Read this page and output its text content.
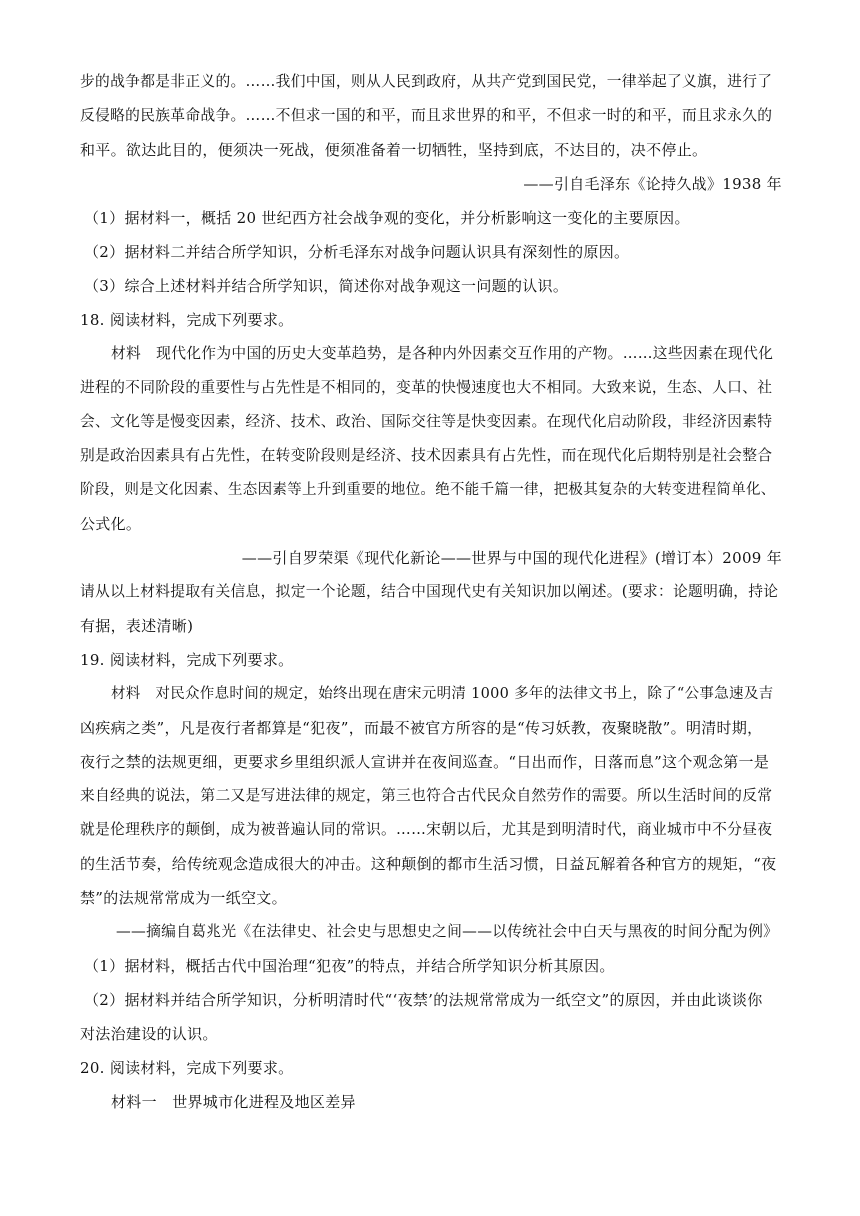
步的战争都是非正义的。……我们中国，则从人民到政府，从共产党到国民党，一律举起了义旗，进行了
反侵略的民族革命战争。……不但求一国的和平，而且求世界的和平，不但求一时的和平，而且求永久的
和平。欲达此目的，便须决一死战，便须准备着一切牺牲，坚持到底，不达目的，决不停止。
——引自毛泽东《论持久战》1938 年
（1）据材料一，概括 20 世纪西方社会战争观的变化，并分析影响这一变化的主要原因。
（2）据材料二并结合所学知识，分析毛泽东对战争问题认识具有深刻性的原因。
（3）综合上述材料并结合所学知识，简述你对战争观这一问题的认识。
18. 阅读材料，完成下列要求。
材料　现代化作为中国的历史大变革趋势，是各种内外因素交互作用的产物。……这些因素在现代化
进程的不同阶段的重要性与占先性是不相同的，变革的快慢速度也大不相同。大致来说，生态、人口、社
会、文化等是慢变因素，经济、技术、政治、国际交往等是快变因素。在现代化启动阶段，非经济因素特
别是政治因素具有占先性，在转变阶段则是经济、技术因素具有占先性，而在现代化后期特别是社会整合
阶段，则是文化因素、生态因素等上升到重要的地位。绝不能千篇一律，把极其复杂的大转变进程简单化、
公式化。
——引自罗荣渠《现代化新论——世界与中国的现代化进程》(增订本）2009 年
请从以上材料提取有关信息，拟定一个论题，结合中国现代史有关知识加以阐述。(要求：论题明确，持论
有据，表述清晰)
19. 阅读材料，完成下列要求。
材料　对民众作息时间的规定，始终出现在唐宋元明清 1000 多年的法律文书上，除了“公事急速及吉
凶疾病之类”，凡是夜行者都算是“犯夜”，而最不被官方所容的是“传习妖教，夜聚晓散”。明清时期，
夜行之禁的法规更细，更要求乡里组织派人宣讲并在夜间巡查。“日出而作，日落而息”这个观念第一是
来自经典的说法，第二又是写进法律的规定，第三也符合古代民众自然劳作的需要。所以生活时间的反常
就是伦理秩序的颠倒，成为被普遍认同的常识。……宋朝以后，尤其是到明清时代，商业城市中不分昼夜
的生活节奏，给传统观念造成很大的冲击。这种颠倒的都市生活习惯，日益瓦解着各种官方的规矩，“夜
禁”的法规常常成为一纸空文。
——摘编自葛兆光《在法律史、社会史与思想史之间——以传统社会中白天与黑夜的时间分配为例》
（1）据材料，概括古代中国治理“犯夜”的特点，并结合所学知识分析其原因。
（2）据材料并结合所学知识，分析明清时代“‘夜禁’的法规常常成为一纸空文”的原因，并由此谈谈你
对法治建设的认识。
20. 阅读材料，完成下列要求。
材料一　世界城市化进程及地区差异
